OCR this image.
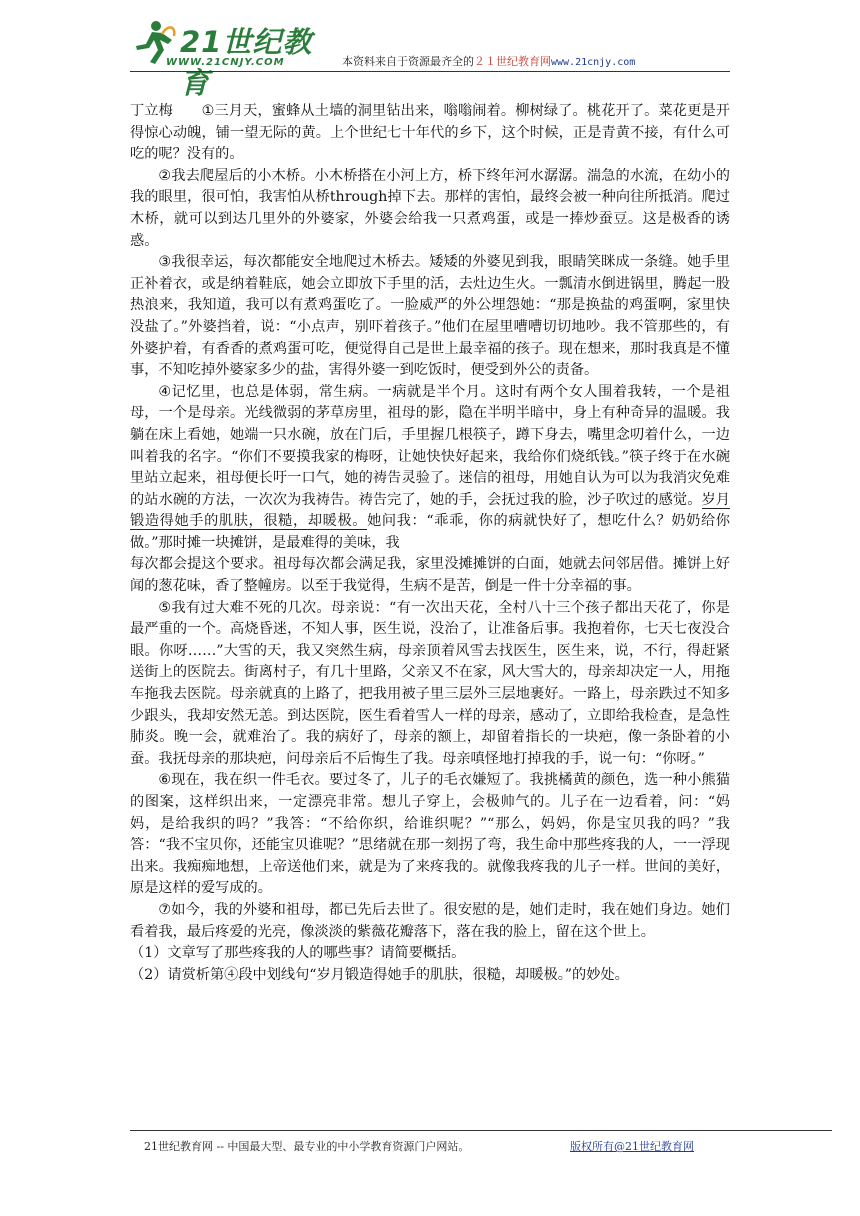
21世纪教育
WWW.21CNJY.COM	本资料来自于资源最齐全的２１世纪教育网www.21cnjy.com

丁立梅　　 ①三月天，蜜蜂从土墙的洞里钻出来，嗡嗡闹着。柳树绿了。桃花开了。菜花更是开得惊心动魄，铺一望无际的黄。上个世纪七十年代的乡下，这个时候，正是青黄不接，有什么可吃的呢？没有的。

②我去爬屋后的小木桥。小木桥搭在小河上方，桥下终年河水潺潺。湍急的水流，在幼小的我的眼里，很可怕，我害怕从桥through掉下去。那样的害怕，最终会被一种向往所抵消。爬过木桥，就可以到达几里外的外婆家，外婆会给我一只煮鸡蛋，或是一捧炒蚕豆。这是极香的诱惑。

③我很幸运，每次都能安全地爬过木桥去。矮矮的外婆见到我，眼睛笑眯成一条缝。她手里正补着衣，或是纳着鞋底，她会立即放下手里的活，去灶边生火。一瓢清水倒进锅里，腾起一股热浪来，我知道，我可以有煮鸡蛋吃了。一脸威严的外公埋怨她：“那是换盐的鸡蛋啊，家里快没盐了。”外婆挡着，说：“小点声，别吓着孩子。”他们在屋里嘈嘈切切地吵。我不管那些的，有外婆护着，有香香的煮鸡蛋可吃，便觉得自己是世上最幸福的孩子。现在想来，那时我真是不懂事，不知吃掉外婆家多少的盐，害得外婆一到吃饭时，便受到外公的责备。

④记忆里，也总是体弱，常生病。一病就是半个月。这时有两个女人围着我转，一个是祖母，一个是母亲。光线微弱的茅草房里，祖母的影，隐在半明半暗中，身上有种奇异的温暖。我躺在床上看她，她端一只水碗，放在门后，手里握几根筷子，蹲下身去，嘴里念叨着什么，一边叫着我的名字。“你们不要摸我家的梅呀，让她快快好起来，我给你们烧纸钱。”筷子终于在水碗里站立起来，祖母便长吁一口气，她的祷告灵验了。迷信的祖母，用她自认为可以为我消灾免难的站水碗的方法，一次次为我祷告。祷告完了，她的手，会抚过我的脸，沙子吹过的感觉。岁月锻造得她手的肌肤，很糙，却暖极。她问我：“乖乖，你的病就快好了，想吃什么？奶奶给你做。”那时摊一块摊饼，是最难得的美味，我

每次都会提这个要求。祖母每次都会满足我，家里没摊摊饼的白面，她就去问邻居借。摊饼上好闻的葱花味，香了整幢房。以至于我觉得，生病不是苦，倒是一件十分幸福的事。

⑤我有过大难不死的几次。母亲说：“有一次出天花，全村八十三个孩子都出天花了，你是最严重的一个。高烧昏迷，不知人事，医生说，没治了，让准备后事。我抱着你，七天七夜没合眼。你呀……”大雪的天，我又突然生病，母亲顶着风雪去找医生，医生来，说，不行，得赶紧送街上的医院去。街离村子，有几十里路，父亲又不在家，风大雪大的，母亲却决定一人，用拖车拖我去医院。母亲就真的上路了，把我用被子里三层外三层地裹好。一路上，母亲跌过不知多少跟头，我却安然无恙。到达医院，医生看着雪人一样的母亲，感动了，立即给我检查，是急性肺炎。晚一会，就难治了。我的病好了，母亲的额上，却留着指长的一块疤，像一条卧着的小蚕。我抚母亲的那块疤，问母亲后不后悔生了我。母亲嗔怪地打掉我的手，说一句：“你呀。”

⑥现在，我在织一件毛衣。要过冬了，儿子的毛衣嫌短了。我挑橘黄的颜色，选一种小熊猫的图案，这样织出来，一定漂亮非常。想儿子穿上，会极帅气的。儿子在一边看着，问：“妈妈，是给我织的吗？”我答：“不给你织，给谁织呢？”“那么，妈妈，你是宝贝我的吗？”我答：“我不宝贝你，还能宝贝谁呢？”思绪就在那一刻拐了弯，我生命中那些疼我的人，一一浮现出来。我痴痴地想，上帝送他们来，就是为了来疼我的。就像我疼我的儿子一样。世间的美好，原是这样的爱写成的。

⑦如今，我的外婆和祖母，都已先后去世了。很安慰的是，她们走时，我在她们身边。她们看着我，最后疼爱的光亮，像淡淡的紫薇花瓣落下，落在我的脸上，留在这个世上。

（1）文章写了那些疼我的人的哪些事？请简要概括。

（2）请赏析第④段中划线句“岁月锻造得她手的肌肤，很糙，却暖极。”的妙处。

21世纪教育网 -- 中国最大型、最专业的中小学教育资源门户网站。	版权所有@21世纪教育网
